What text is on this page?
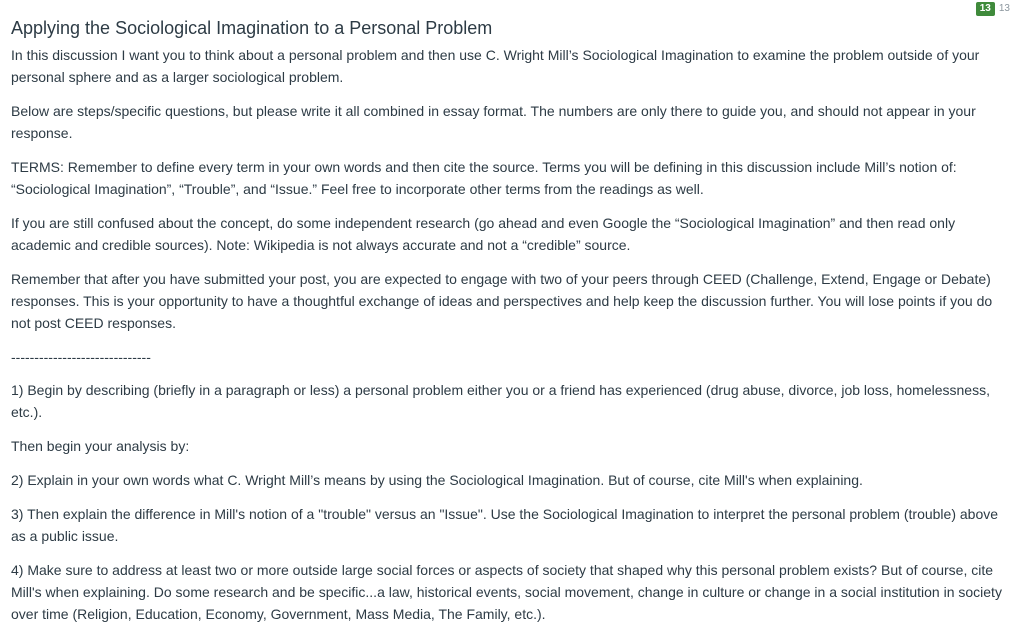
Applying the Sociological Imagination to a Personal Problem
13 13

In this discussion I want you to think about a personal problem and then use C. Wright Mill’s Sociological Imagination to examine the problem outside of your personal sphere and as a larger sociological problem.

Below are steps/specific questions, but please write it all combined in essay format. The numbers are only there to guide you, and should not appear in your response.

TERMS: Remember to define every term in your own words and then cite the source. Terms you will be defining in this discussion include Mill’s notion of: “Sociological Imagination”, “Trouble”, and “Issue.” Feel free to incorporate other terms from the readings as well.

If you are still confused about the concept, do some independent research (go ahead and even Google the “Sociological Imagination” and then read only academic and credible sources). Note: Wikipedia is not always accurate and not a “credible” source.

Remember that after you have submitted your post, you are expected to engage with two of your peers through CEED (Challenge, Extend, Engage or Debate) responses. This is your opportunity to have a thoughtful exchange of ideas and perspectives and help keep the discussion further. You will lose points if you do not post CEED responses.

------------------------------

1) Begin by describing (briefly in a paragraph or less) a personal problem either you or a friend has experienced (drug abuse, divorce, job loss, homelessness, etc.).

Then begin your analysis by:

2) Explain in your own words what C. Wright Mill’s means by using the Sociological Imagination. But of course, cite Mill's when explaining.

3) Then explain the difference in Mill's notion of a "trouble" versus an "Issue". Use the Sociological Imagination to interpret the personal problem (trouble) above as a public issue.

4) Make sure to address at least two or more outside large social forces or aspects of society that shaped why this personal problem exists? But of course, cite Mill's when explaining. Do some research and be specific...a law, historical events, social movement, change in culture or change in a social institution in society over time (Religion, Education, Economy, Government, Mass Media, The Family, etc.).
